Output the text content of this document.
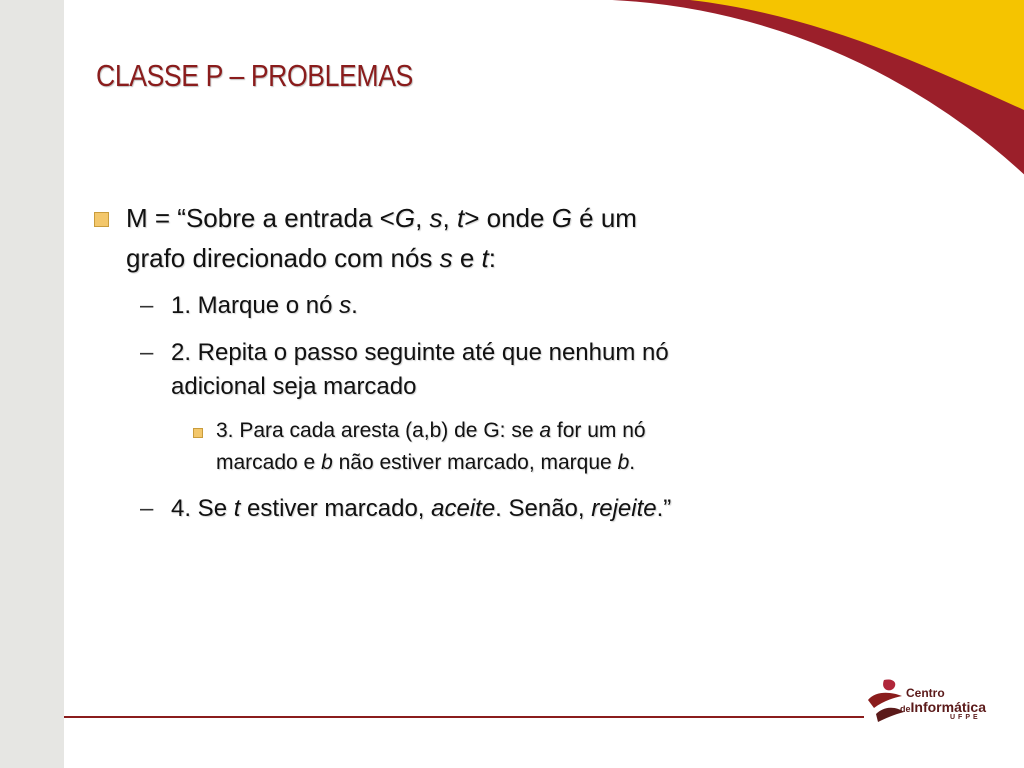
CLASSE P – PROBLEMAS
M = “Sobre a entrada <G, s, t> onde G é um
grafo direcionado com nós s e t:
– 1. Marque o nó s.
– 2. Repita o passo seguinte até que nenhum nó
adicional seja marcado
3. Para cada aresta (a,b) de G: se a for um nó
marcado e b não estiver marcado, marque b.
– 4. Se t estiver marcado, aceite. Senão, rejeite.”
Centro
deInformática
UFPE
